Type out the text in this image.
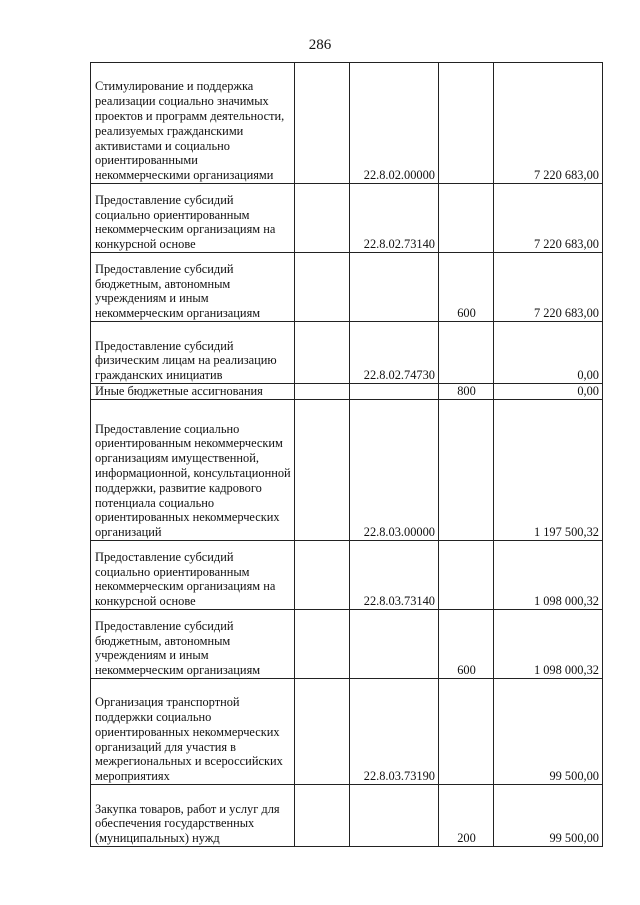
286
Стимулирование и поддержка реализации социально значимых проектов и программ деятельности, реализуемых гражданскими активистами и социально ориентированными некоммерческими организациями		22.8.02.00000		7 220 683,00
Предоставление субсидий социально ориентированным некоммерческим организациям на конкурсной основе		22.8.02.73140		7 220 683,00
Предоставление субсидий бюджетным, автономным учреждениям и иным некоммерческим организациям			600	7 220 683,00
Предоставление субсидий физическим лицам на реализацию гражданских инициатив		22.8.02.74730		0,00
Иные бюджетные ассигнования			800	0,00
Предоставление социально ориентированным некоммерческим организациям имущественной, информационной, консультационной поддержки, развитие кадрового потенциала социально ориентированных некоммерческих организаций		22.8.03.00000		1 197 500,32
Предоставление субсидий социально ориентированным некоммерческим организациям на конкурсной основе		22.8.03.73140		1 098 000,32
Предоставление субсидий бюджетным, автономным учреждениям и иным некоммерческим организациям			600	1 098 000,32
Организация транспортной поддержки социально ориентированных некоммерческих организаций для участия в межрегиональных и всероссийских мероприятиях		22.8.03.73190		99 500,00
Закупка товаров, работ и услуг для обеспечения государственных (муниципальных) нужд			200	99 500,00
